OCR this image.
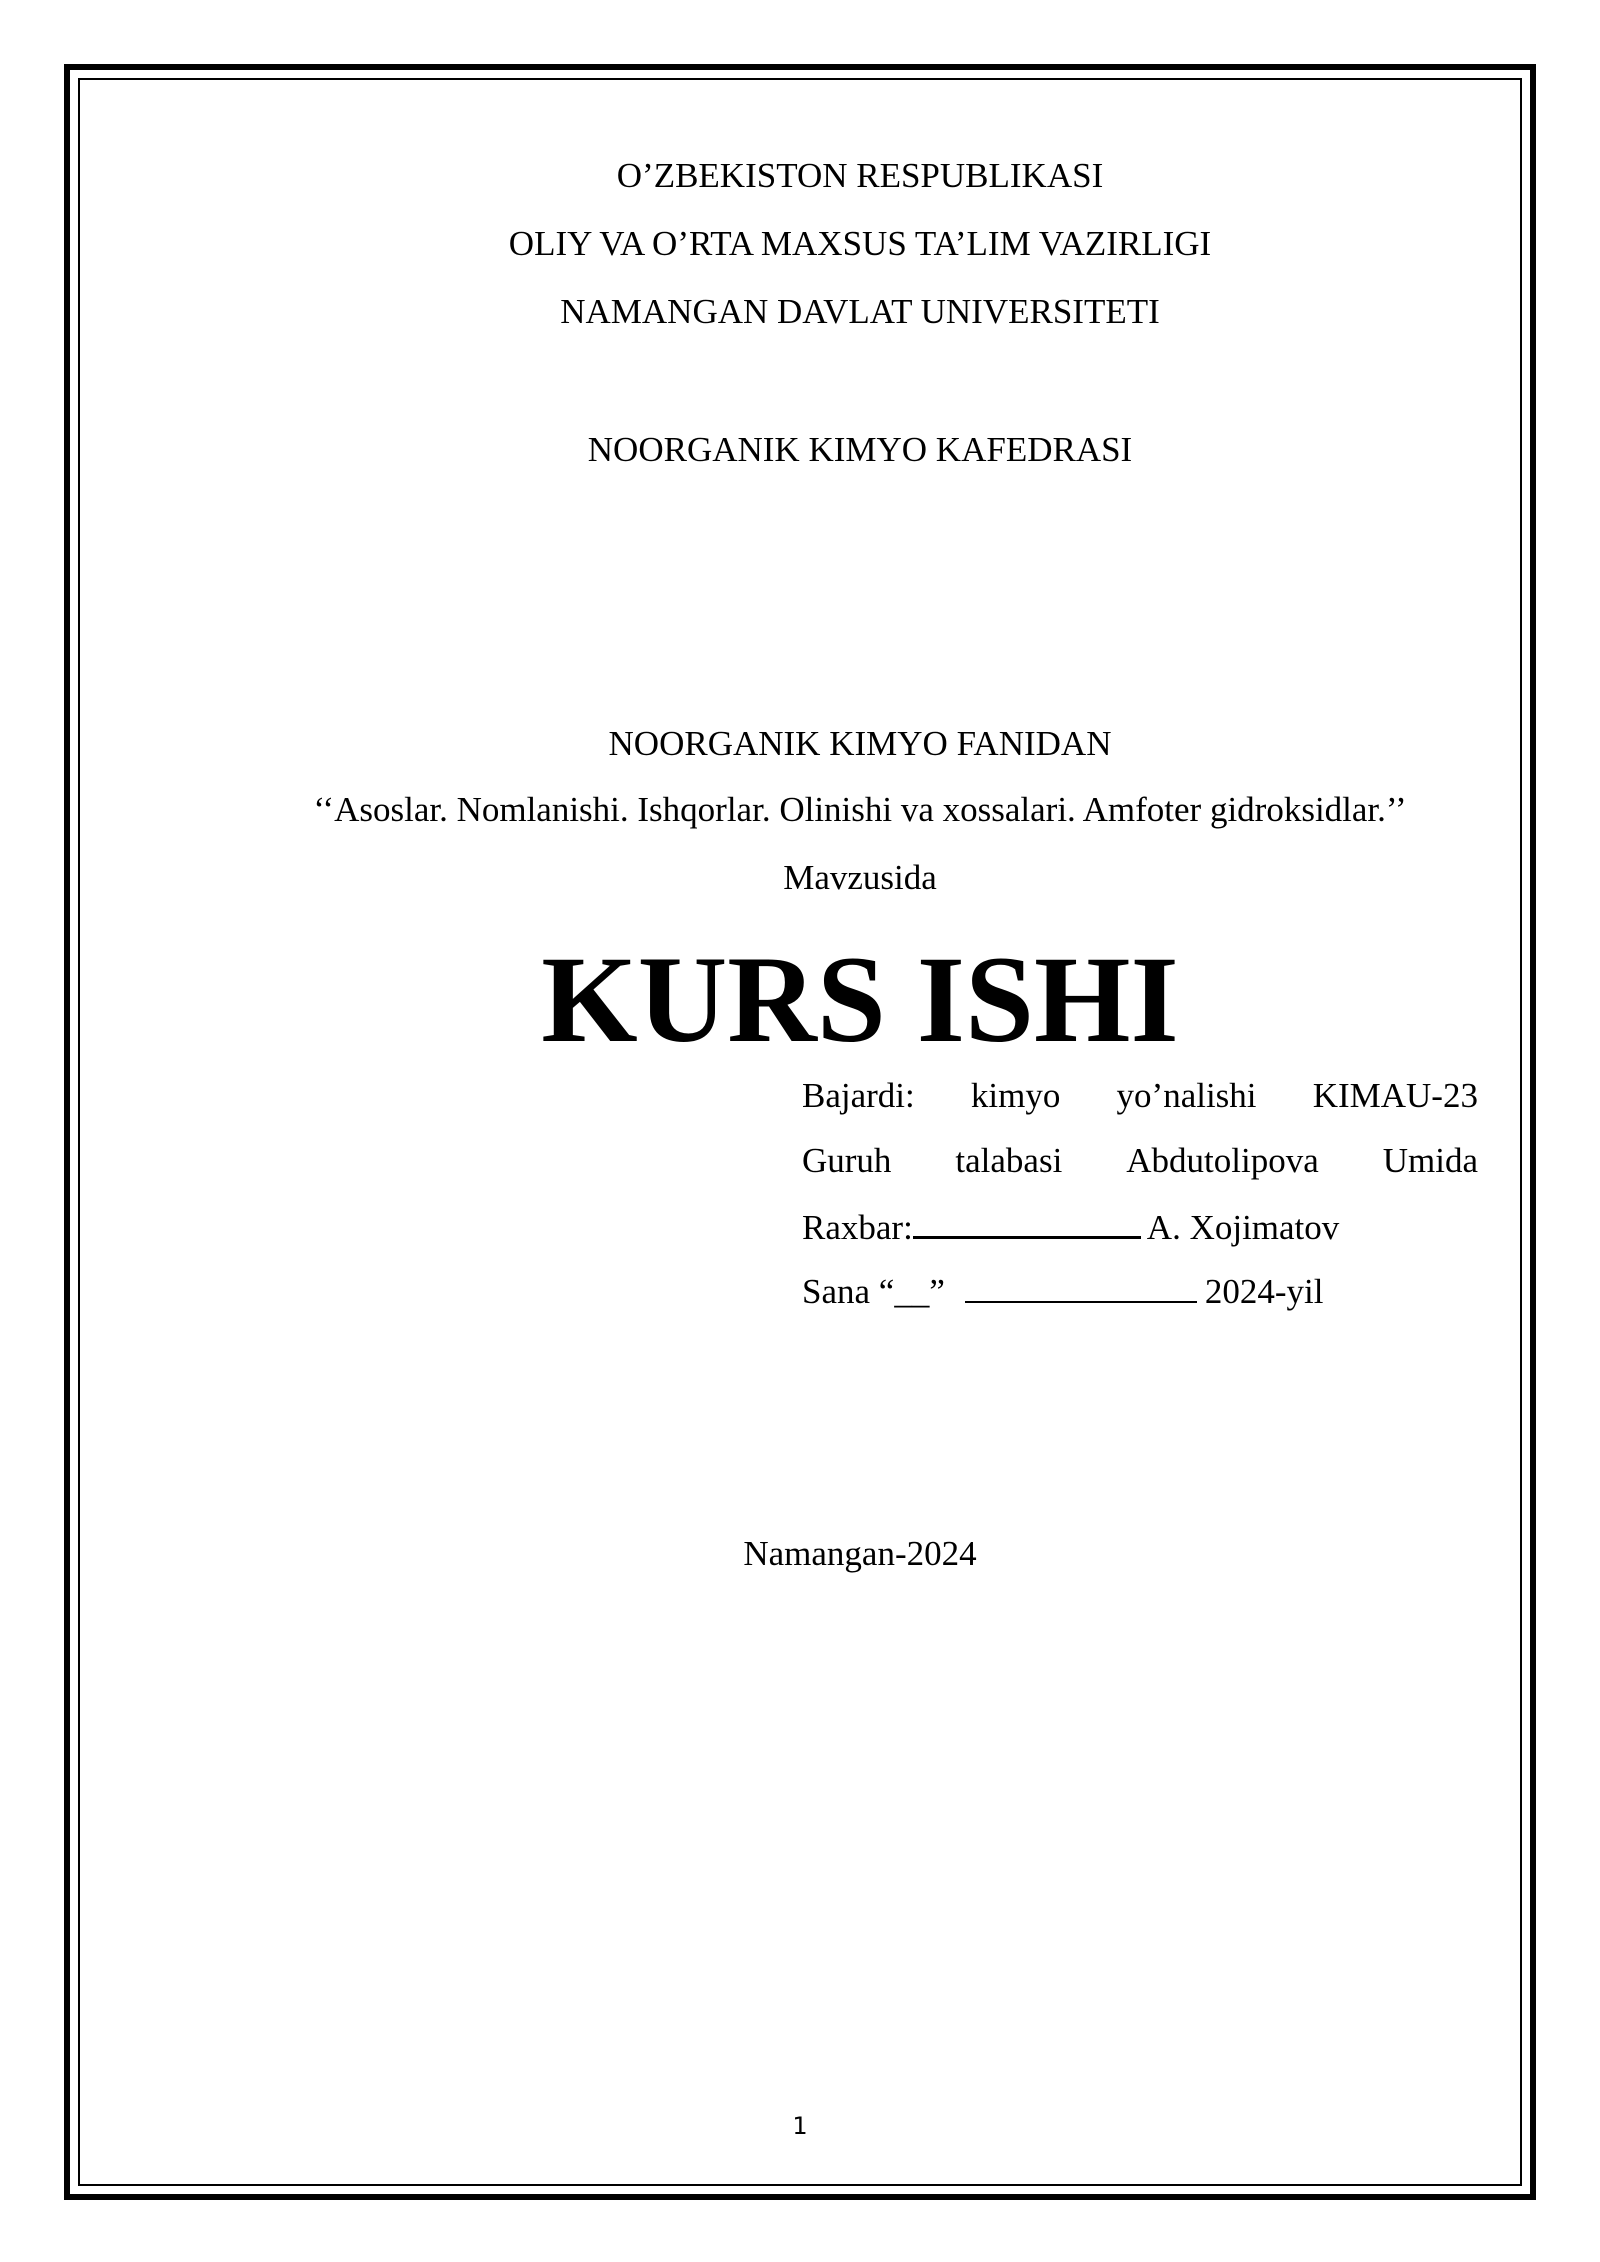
O’ZBEKISTON RESPUBLIKASI
OLIY VA O’RTA MAXSUS TA’LIM VAZIRLIGI
NAMANGAN DAVLAT UNIVERSITETI
NOORGANIK KIMYO KAFEDRASI
NOORGANIK KIMYO FANIDAN
‘‘Asoslar. Nomlanishi. Ishqorlar. Olinishi va xossalari. Amfoter gidroksidlar.’’
Mavzusida
KURS ISHI
Bajardi: kimyo yo’nalishi KIMAU-23
Guruh talabasi Abdutolipova Umida
Raxbar:	A. Xojimatov
Sana “__”	2024-yil
Namangan-2024
1
